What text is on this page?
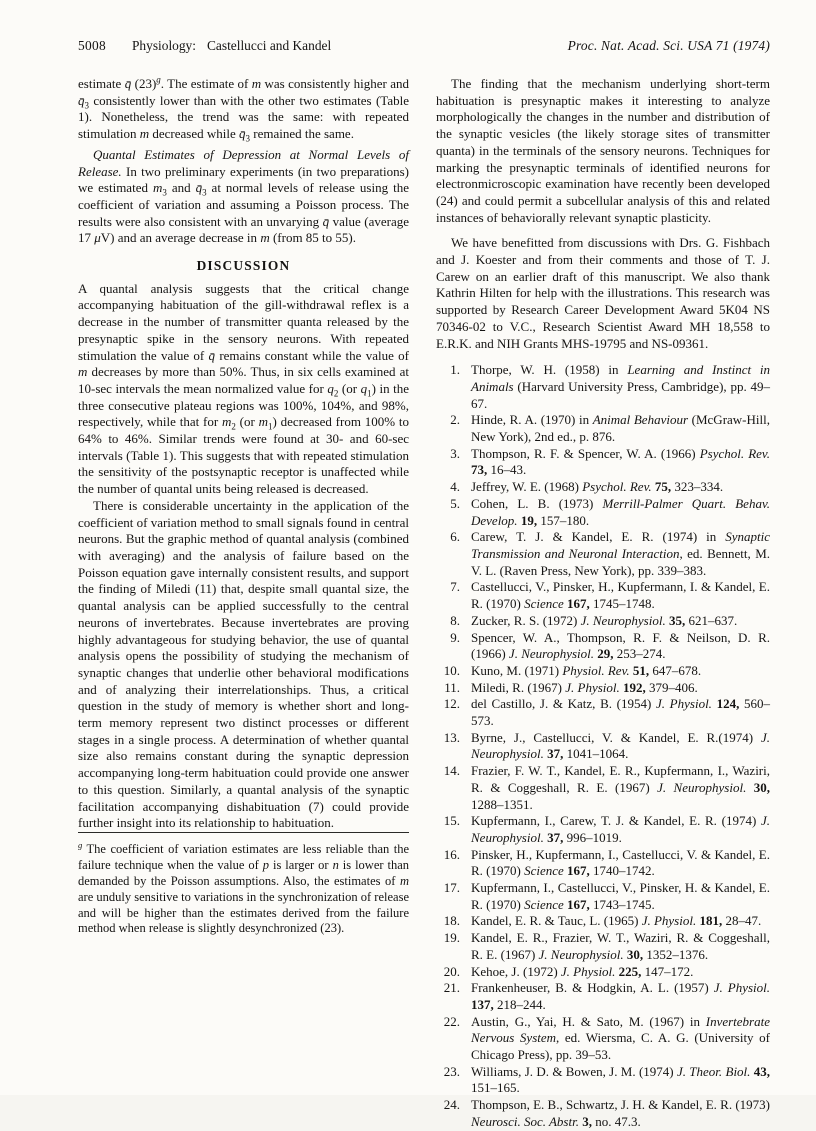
5008 Physiology: Castellucci and Kandel	Proc. Nat. Acad. Sci. USA 71 (1974)

estimate q̄ $(23)^g$. The estimate of m was consistently higher and $q̄_3$ consistently lower than with the other two estimates (Table 1). Nonetheless, the trend was the same: with repeated stimulation m decreased while $q̄_3$ remained the same.

Quantal Estimates of Depression at Normal Levels of Release. In two preliminary experiments (in two preparations) we estimated $m_3$ and $q̄_3$ at normal levels of release using the coefficient of variation and assuming a Poisson process. The results were also consistent with an unvarying q̄ value (average 17 μV) and an average decrease in m (from 85 to 55).

DISCUSSION

A quantal analysis suggests that the critical change accompanying habituation of the gill-withdrawal reflex is a decrease in the number of transmitter quanta released by the presynaptic spike in the sensory neurons. With repeated stimulation the value of q̄ remains constant while the value of m decreases by more than 50%. Thus, in six cells examined at 10-sec intervals the mean normalized value for $q_2$ (or $q_1$) in the three consecutive plateau regions was 100%, 104%, and 98%, respectively, while that for $m_2$ (or $m_1$) decreased from 100% to 64% to 46%. Similar trends were found at 30- and 60-sec intervals (Table 1). This suggests that with repeated stimulation the sensitivity of the postsynaptic receptor is unaffected while the number of quantal units being released is decreased.

There is considerable uncertainty in the application of the coefficient of variation method to small signals found in central neurons. But the graphic method of quantal analysis (combined with averaging) and the analysis of failure based on the Poisson equation gave internally consistent results, and support the finding of Miledi (11) that, despite small quantal size, the quantal analysis can be applied successfully to the central neurons of invertebrates. Because invertebrates are proving highly advantageous for studying behavior, the use of quantal analysis opens the possibility of studying the mechanism of synaptic changes that underlie other behavioral modifications and of analyzing their interrelationships. Thus, a critical question in the study of memory is whether short and long-term memory represent two distinct processes or different stages in a single process. A determination of whether quantal size also remains constant during the synaptic depression accompanying long-term habituation could provide one answer to this question. Similarly, a quantal analysis of the synaptic facilitation accompanying dishabituation (7) could provide further insight into its relationship to habituation.

$^g$ The coefficient of variation estimates are less reliable than the failure technique when the value of p is larger or n is lower than demanded by the Poisson assumptions. Also, the estimates of m are unduly sensitive to variations in the synchronization of release and will be higher than the estimates derived from the failure method when release is slightly desynchronized (23).

The finding that the mechanism underlying short-term habituation is presynaptic makes it interesting to analyze morphologically the changes in the number and distribution of the synaptic vesicles (the likely storage sites of transmitter quanta) in the terminals of the sensory neurons. Techniques for marking the presynaptic terminals of identified neurons for electronmicroscopic examination have recently been developed (24) and could permit a subcellular analysis of this and related instances of behaviorally relevant synaptic plasticity.

We have benefitted from discussions with Drs. G. Fishbach and J. Koester and from their comments and those of T. J. Carew on an earlier draft of this manuscript. We also thank Kathrin Hilten for help with the illustrations. This research was supported by Research Career Development Award 5K04 NS 70346-02 to V.C., Research Scientist Award MH 18,558 to E.R.K. and NIH Grants MHS-19795 and NS-09361.

1. Thorpe, W. H. (1958) in Learning and Instinct in Animals (Harvard University Press, Cambridge), pp. 49–67.
2. Hinde, R. A. (1970) in Animal Behaviour (McGraw-Hill, New York), 2nd ed., p. 876.
3. Thompson, R. F. & Spencer, W. A. (1966) Psychol. Rev. 73, 16–43.
4. Jeffrey, W. E. (1968) Psychol. Rev. 75, 323–334.
5. Cohen, L. B. (1973) Merrill-Palmer Quart. Behav. Develop. 19, 157–180.
6. Carew, T. J. & Kandel, E. R. (1974) in Synaptic Transmission and Neuronal Interaction, ed. Bennett, M. V. L. (Raven Press, New York), pp. 339–383.
7. Castellucci, V., Pinsker, H., Kupfermann, I. & Kandel, E. R. (1970) Science 167, 1745–1748.
8. Zucker, R. S. (1972) J. Neurophysiol. 35, 621–637.
9. Spencer, W. A., Thompson, R. F. & Neilson, D. R. (1966) J. Neurophysiol. 29, 253–274.
10. Kuno, M. (1971) Physiol. Rev. 51, 647–678.
11. Miledi, R. (1967) J. Physiol. 192, 379–406.
12. del Castillo, J. & Katz, B. (1954) J. Physiol. 124, 560–573.
13. Byrne, J., Castellucci, V. & Kandel, E. R.(1974) J. Neurophysiol. 37, 1041–1064.
14. Frazier, F. W. T., Kandel, E. R., Kupfermann, I., Waziri, R. & Coggeshall, R. E. (1967) J. Neurophysiol. 30, 1288–1351.
15. Kupfermann, I., Carew, T. J. & Kandel, E. R. (1974) J. Neurophysiol. 37, 996–1019.
16. Pinsker, H., Kupfermann, I., Castellucci, V. & Kandel, E. R. (1970) Science 167, 1740–1742.
17. Kupfermann, I., Castellucci, V., Pinsker, H. & Kandel, E. R. (1970) Science 167, 1743–1745.
18. Kandel, E. R. & Tauc, L. (1965) J. Physiol. 181, 28–47.
19. Kandel, E. R., Frazier, W. T., Waziri, R. & Coggeshall, R. E. (1967) J. Neurophysiol. 30, 1352–1376.
20. Kehoe, J. (1972) J. Physiol. 225, 147–172.
21. Frankenheuser, B. & Hodgkin, A. L. (1957) J. Physiol. 137, 218–244.
22. Austin, G., Yai, H. & Sato, M. (1967) in Invertebrate Nervous System, ed. Wiersma, C. A. G. (University of Chicago Press), pp. 39–53.
23. Williams, J. D. & Bowen, J. M. (1974) J. Theor. Biol. 43, 151–165.
24. Thompson, E. B., Schwartz, J. H. & Kandel, E. R. (1973) Neurosci. Soc. Abstr. 3, no. 47.3.
